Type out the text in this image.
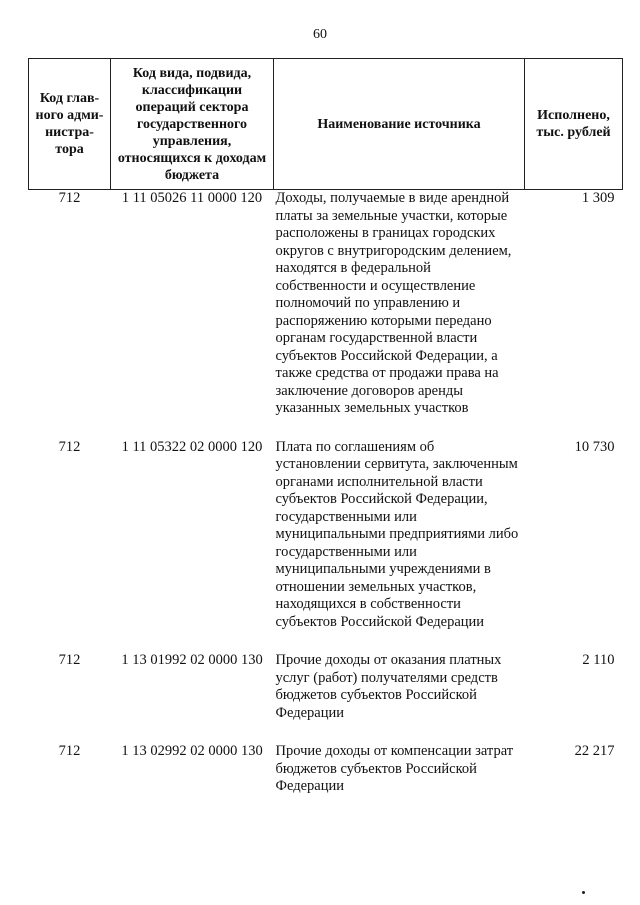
60
Код глав-ного адми-нистра-тора	Код вида, подвида, классификации операций сектора государственного управления, относящихся к доходам бюджета	Наименование источника	Исполнено, тыс. рублей
712	1 11 05026 11 0000 120	Доходы, получаемые в виде арендной платы за земельные участки, которые расположены в границах городских округов с внутригородским делением, находятся в федеральной собственности и осуществление полномочий по управлению и распоряжению которыми передано органам государственной власти субъектов Российской Федерации, а также средства от продажи права на заключение договоров аренды указанных земельных участков	1 309
712	1 11 05322 02 0000 120	Плата по соглашениям об установлении сервитута, заключенным органами исполнительной власти субъектов Российской Федерации, государственными или муниципальными предприятиями либо государственными или муниципальными учреждениями в отношении земельных участков, находящихся в собственности субъектов Российской Федерации	10 730
712	1 13 01992 02 0000 130	Прочие доходы от оказания платных услуг (работ) получателями средств бюджетов субъектов Российской Федерации	2 110
712	1 13 02992 02 0000 130	Прочие доходы от компенсации затрат бюджетов субъектов Российской Федерации	22 217
